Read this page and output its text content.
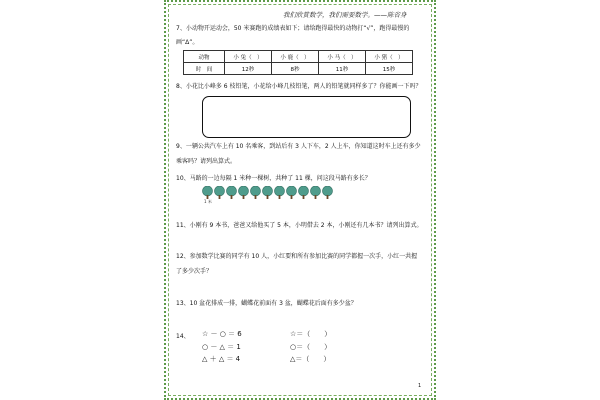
我们欣赏数学，我们需要数学。——陈省身
7、小动物开运动会，50 米赛跑的成绩表如下；请给跑得最快的动物打“√”，跑得最慢的
画“Δ”。
动物	小 兔（　）	小 鹿（　）	小 马（　）	小 猪（　）
时　间	12秒	8秒	11秒	15秒
8、小花比小峰多 6 枝铅笔，小花给小峰几枝铅笔，两人的铅笔就同样多了？你能画一下吗？
9、一辆公共汽车上有 10 名乘客，到站后有 3 人下车，2 人上车，你知道这时车上还有多少
乘客吗？请列出算式。
10、马路的一边每隔 1 米种一棵树，共种了 11 棵，问这段马路有多长？
1 米
11、小刚有 9 本书，爸爸又给他买了 5 本，小明借去 2 本，小刚还有几本书？请列出算式。
12、参加数学比赛的同学有 10 人，小红要和所有参加比赛的同学都握一次手，小红一共握
了多少次手？
13、10 盆花排成一排，蝴蝶花前面有 3 盆，蝴蝶花后面有多少盆？
14、 ☆ － ○ ＝ 6
○ － △ ＝ 1
△ ＋ △ ＝ 4
☆＝（　　）
○＝（　　）
△＝（　　）
1
